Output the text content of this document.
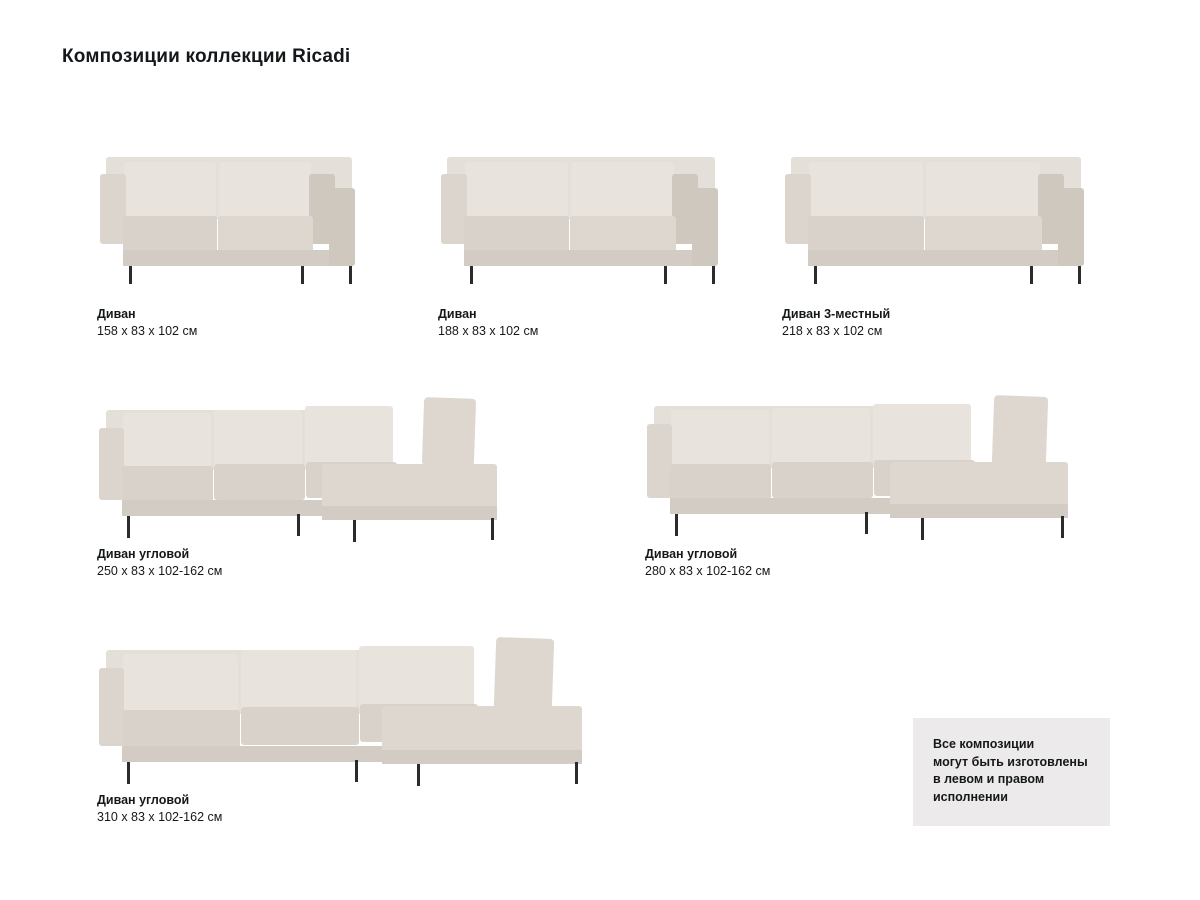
Композиции коллекции Ricadi
Диван
158 x 83 x 102 см
Диван
188 x 83 x 102 см
Диван 3-местный
218 x 83 x 102 см
Диван угловой
250 x 83 x 102-162 см
Диван угловой
280 x 83 x 102-162 см
Диван угловой
310 x 83 x 102-162 см

Все композиции

могут быть изготовлены

в левом и правом

исполнении
